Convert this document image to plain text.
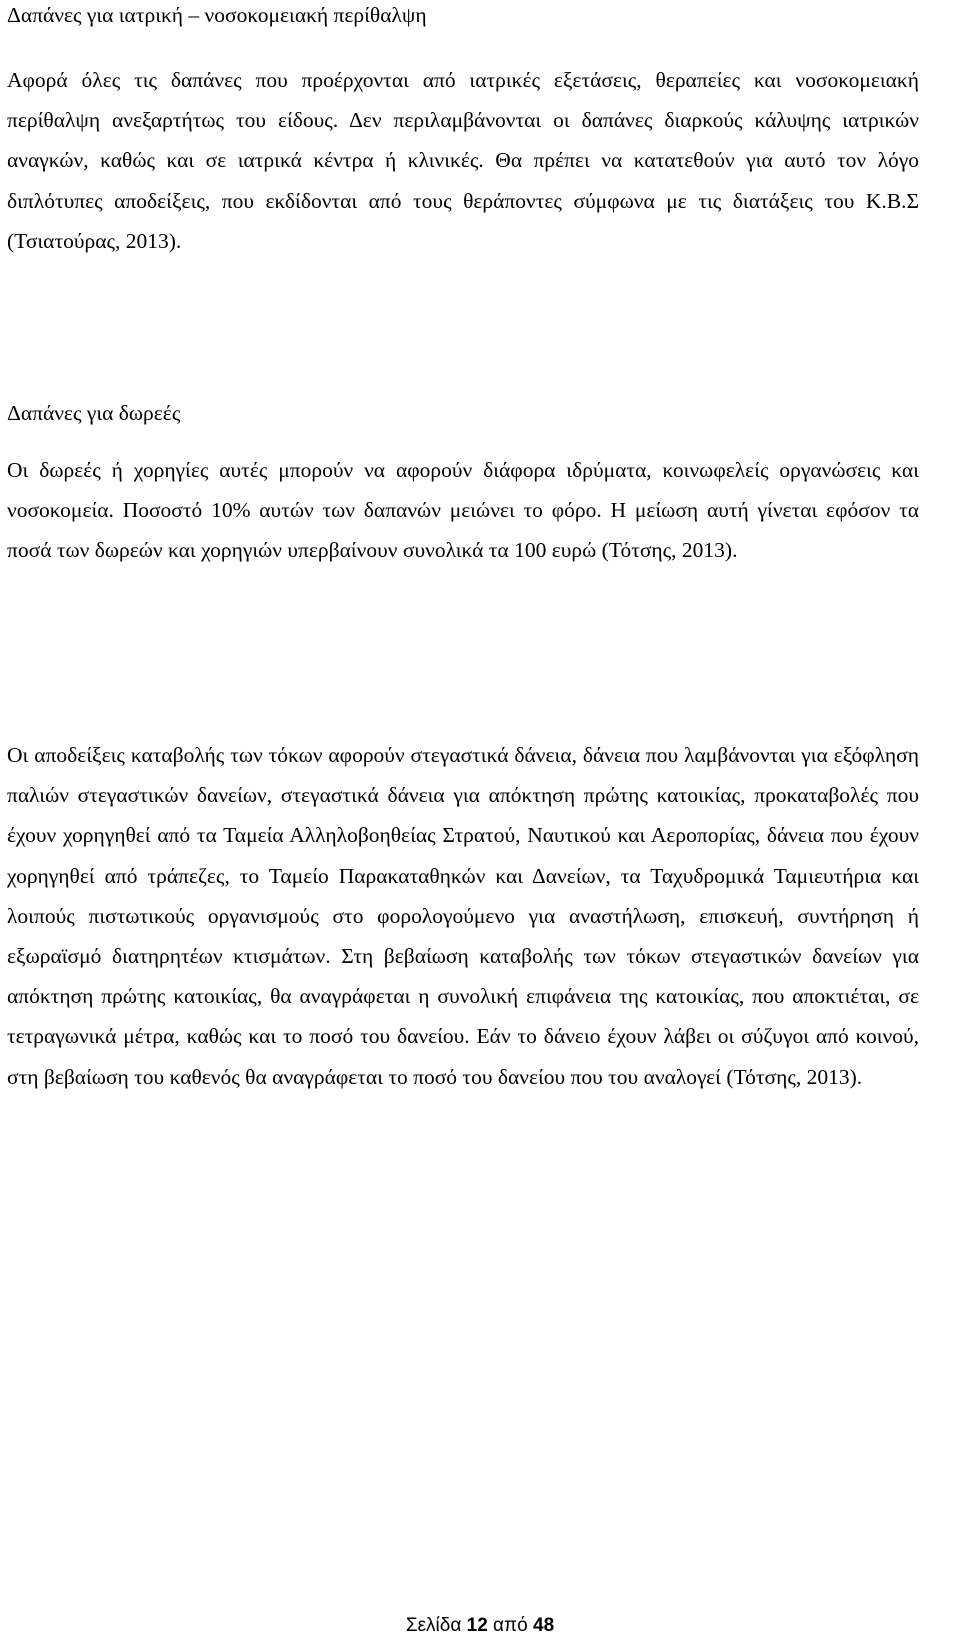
Δαπάνες για ιατρική – νοσοκομειακή περίθαλψη

Αφορά όλες τις δαπάνες που προέρχονται από ιατρικές εξετάσεις, θεραπείες και νοσοκομειακή περίθαλψη ανεξαρτήτως του είδους. Δεν περιλαμβάνονται οι δαπάνες διαρκούς κάλυψης ιατρικών αναγκών, καθώς και σε ιατρικά κέντρα ή κλινικές. Θα πρέπει να κατατεθούν για αυτό τον λόγο διπλότυπες αποδείξεις, που εκδίδονται από τους θεράποντες σύμφωνα με τις διατάξεις του Κ.Β.Σ (Τσιατούρας, 2013).

Δαπάνες για δωρεές

Οι δωρεές ή χορηγίες αυτές μπορούν να αφορούν διάφορα ιδρύματα, κοινωφελείς οργανώσεις και νοσοκομεία. Ποσοστό 10% αυτών των δαπανών μειώνει το φόρο. Η μείωση αυτή γίνεται εφόσον τα ποσά των δωρεών και χορηγιών υπερβαίνουν συνολικά τα 100 ευρώ (Τότσης, 2013).

Οι αποδείξεις καταβολής των τόκων αφορούν στεγαστικά δάνεια, δάνεια που λαμβάνονται για εξόφληση παλιών στεγαστικών δανείων, στεγαστικά δάνεια για απόκτηση πρώτης κατοικίας, προκαταβολές που έχουν χορηγηθεί από τα Ταμεία Αλληλοβοηθείας Στρατού, Ναυτικού και Αεροπορίας, δάνεια που έχουν χορηγηθεί από τράπεζες, το Ταμείο Παρακαταθηκών και Δανείων, τα Ταχυδρομικά Ταμιευτήρια και λοιπούς πιστωτικούς οργανισμούς στο φορολογούμενο για αναστήλωση, επισκευή, συντήρηση ή εξωραϊσμό διατηρητέων κτισμάτων. Στη βεβαίωση καταβολής των τόκων στεγαστικών δανείων για απόκτηση πρώτης κατοικίας, θα αναγράφεται η συνολική επιφάνεια της κατοικίας, που αποκτιέται, σε τετραγωνικά μέτρα, καθώς και το ποσό του δανείου. Εάν το δάνειο έχουν λάβει οι σύζυγοι από κοινού, στη βεβαίωση του καθενός θα αναγράφεται το ποσό του δανείου που του αναλογεί (Τότσης, 2013).

Σελίδα 12 από 48
